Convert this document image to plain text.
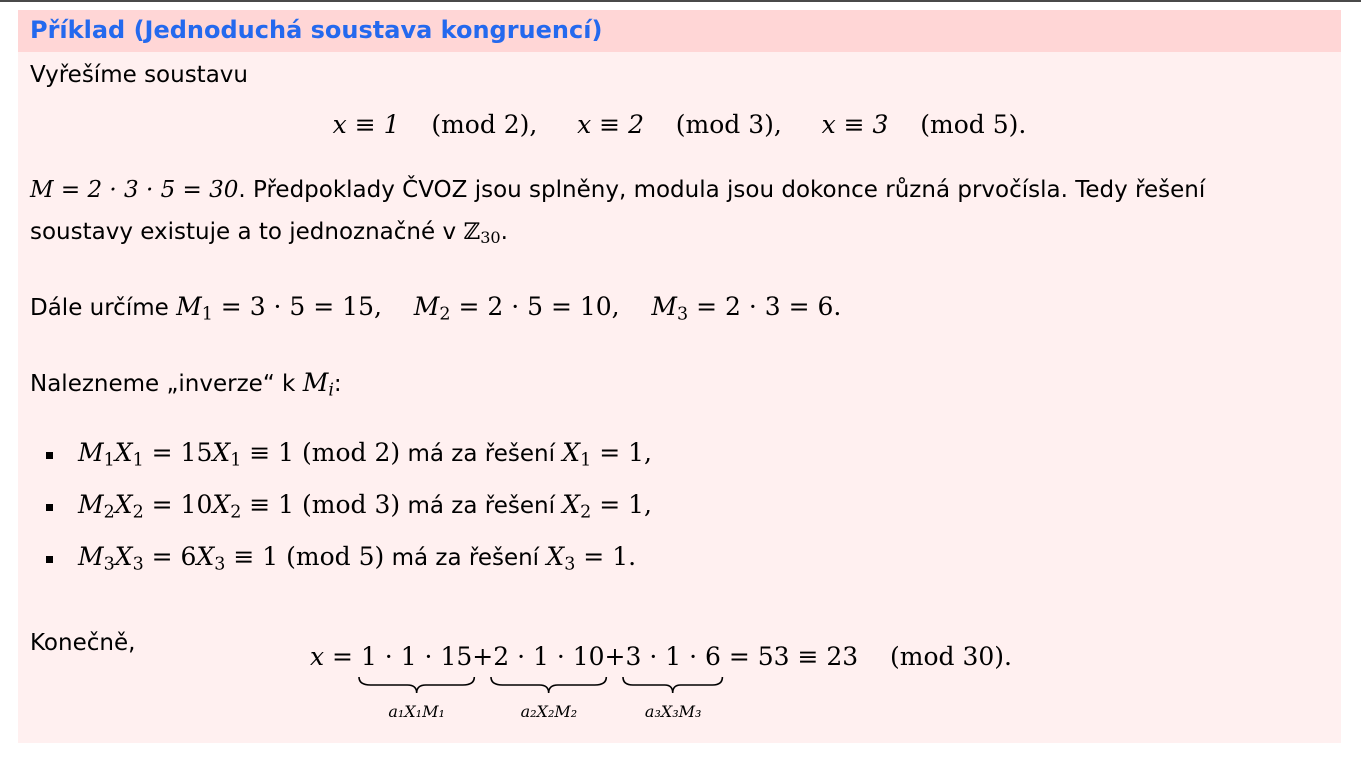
Příklad (Jednoduchá soustava kongruencí)
Vyřešíme soustavu
x ≡ 1 (mod 2), x ≡ 2 (mod 3), x ≡ 3 (mod 5).
M = 2 · 3 · 5 = 30. Předpoklady ČVOZ jsou splněny, modula jsou dokonce různá prvočísla. Tedy řešení
soustavy existuje a to jednoznačné v ℤ$_{30}$.
Dále určíme $M_1 = 3 \cdot 5 = 15$, $M_2 = 2 \cdot 5 = 10$, $M_3 = 2 \cdot 3 = 6$.
Nalezneme „inverze“ k $M_i$:
$M_1X_1 = 15X_1 \equiv 1$ (mod 2) má za řešení $X_1 = 1$,
$M_2X_2 = 10X_2 \equiv 1$ (mod 3) má za řešení $X_2 = 1$,
$M_3X_3 = 6X_3 \equiv 1$ (mod 5) má za řešení $X_3 = 1$.
Konečně,	x = 1 · 1 · 15
a₁X₁M₁
+2 · 1 · 10
a₂X₂M₂
+3 · 1 · 6
a₃X₃M₃
= 53 ≡ 23 (mod 30).
